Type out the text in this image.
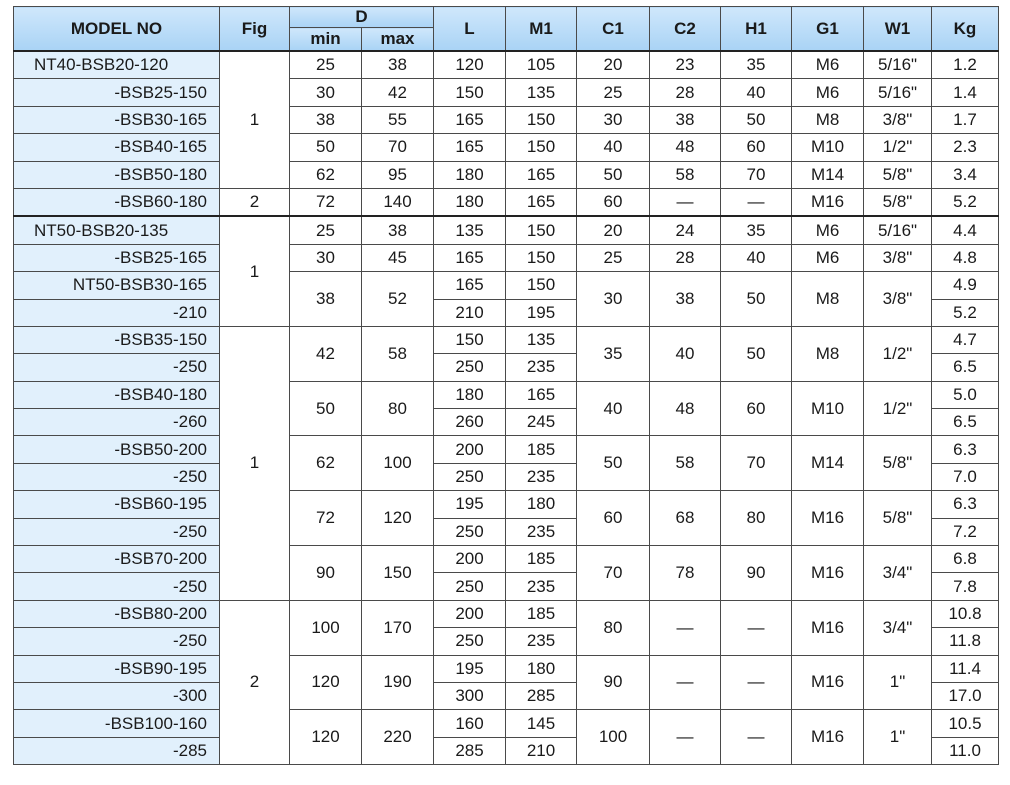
MODEL NO	Fig	D		L	M1	C1	C2	H1	G1	W1	Kg
		min	max								
NT40-BSB20-120	1	25	38	120	105	20	23	35	M6	5/16"	1.2
-BSB25-150		30	42	150	135	25	28	40	M6	5/16"	1.4
-BSB30-165		38	55	165	150	30	38	50	M8	3/8"	1.7
-BSB40-165		50	70	165	150	40	48	60	M10	1/2"	2.3
-BSB50-180		62	95	180	165	50	58	70	M14	5/8"	3.4
-BSB60-180	2	72	140	180	165	60	—	—	M16	5/8"	5.2
NT50-BSB20-135	1	25	38	135	150	20	24	35	M6	5/16"	4.4
-BSB25-165		30	45	165	150	25	28	40	M6	3/8"	4.8
NT50-BSB30-165		38	52	165	150	30	38	50	M8	3/8"	4.9
-210				210	195						5.2
-BSB35-150	1	42	58	150	135	35	40	50	M8	1/2"	4.7
-250				250	235						6.5
-BSB40-180		50	80	180	165	40	48	60	M10	1/2"	5.0
-260				260	245						6.5
-BSB50-200		62	100	200	185	50	58	70	M14	5/8"	6.3
-250				250	235						7.0
-BSB60-195		72	120	195	180	60	68	80	M16	5/8"	6.3
-250				250	235						7.2
-BSB70-200		90	150	200	185	70	78	90	M16	3/4"	6.8
-250				250	235						7.8
-BSB80-200	2	100	170	200	185	80	—	—	M16	3/4"	10.8
-250				250	235						11.8
-BSB90-195		120	190	195	180	90	—	—	M16	1"	11.4
-300				300	285						17.0
-BSB100-160		120	220	160	145	100	—	—	M16	1"	10.5
-285				285	210						11.0
